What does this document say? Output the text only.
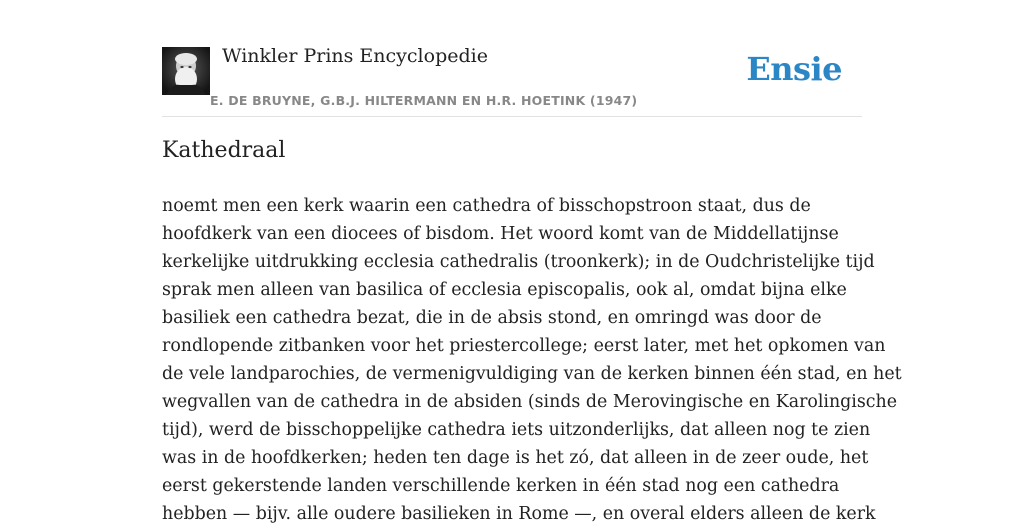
Winkler Prins Encyclopedie
E. DE BRUYNE, G.B.J. HILTERMANN EN H.R. HOETINK (1947)
Ensie
Kathedraal

noemt men een kerk waarin een cathedra of bisschopstroon staat, dus de
hoofdkerk van een diocees of bisdom. Het woord komt van de Middellatijnse
kerkelijke uitdrukking ecclesia cathedralis (troonkerk); in de Oudchristelijke tijd
sprak men alleen van basilica of ecclesia episcopalis, ook al, omdat bijna elke
basiliek een cathedra bezat, die in de absis stond, en omringd was door de
rondlopende zitbanken voor het priestercollege; eerst later, met het opkomen van
de vele landparochies, de vermenigvuldiging van de kerken binnen één stad, en het
wegvallen van de cathedra in de absiden (sinds de Merovingische en Karolingische
tijd), werd de bisschoppelijke cathedra iets uitzonderlijks, dat alleen nog te zien
was in de hoofdkerken; heden ten dage is het zó, dat alleen in de zeer oude, het
eerst gekerstende landen verschillende kerken in één stad nog een cathedra
hebben — bijv. alle oudere basilieken in Rome —, en overal elders alleen de kerk
